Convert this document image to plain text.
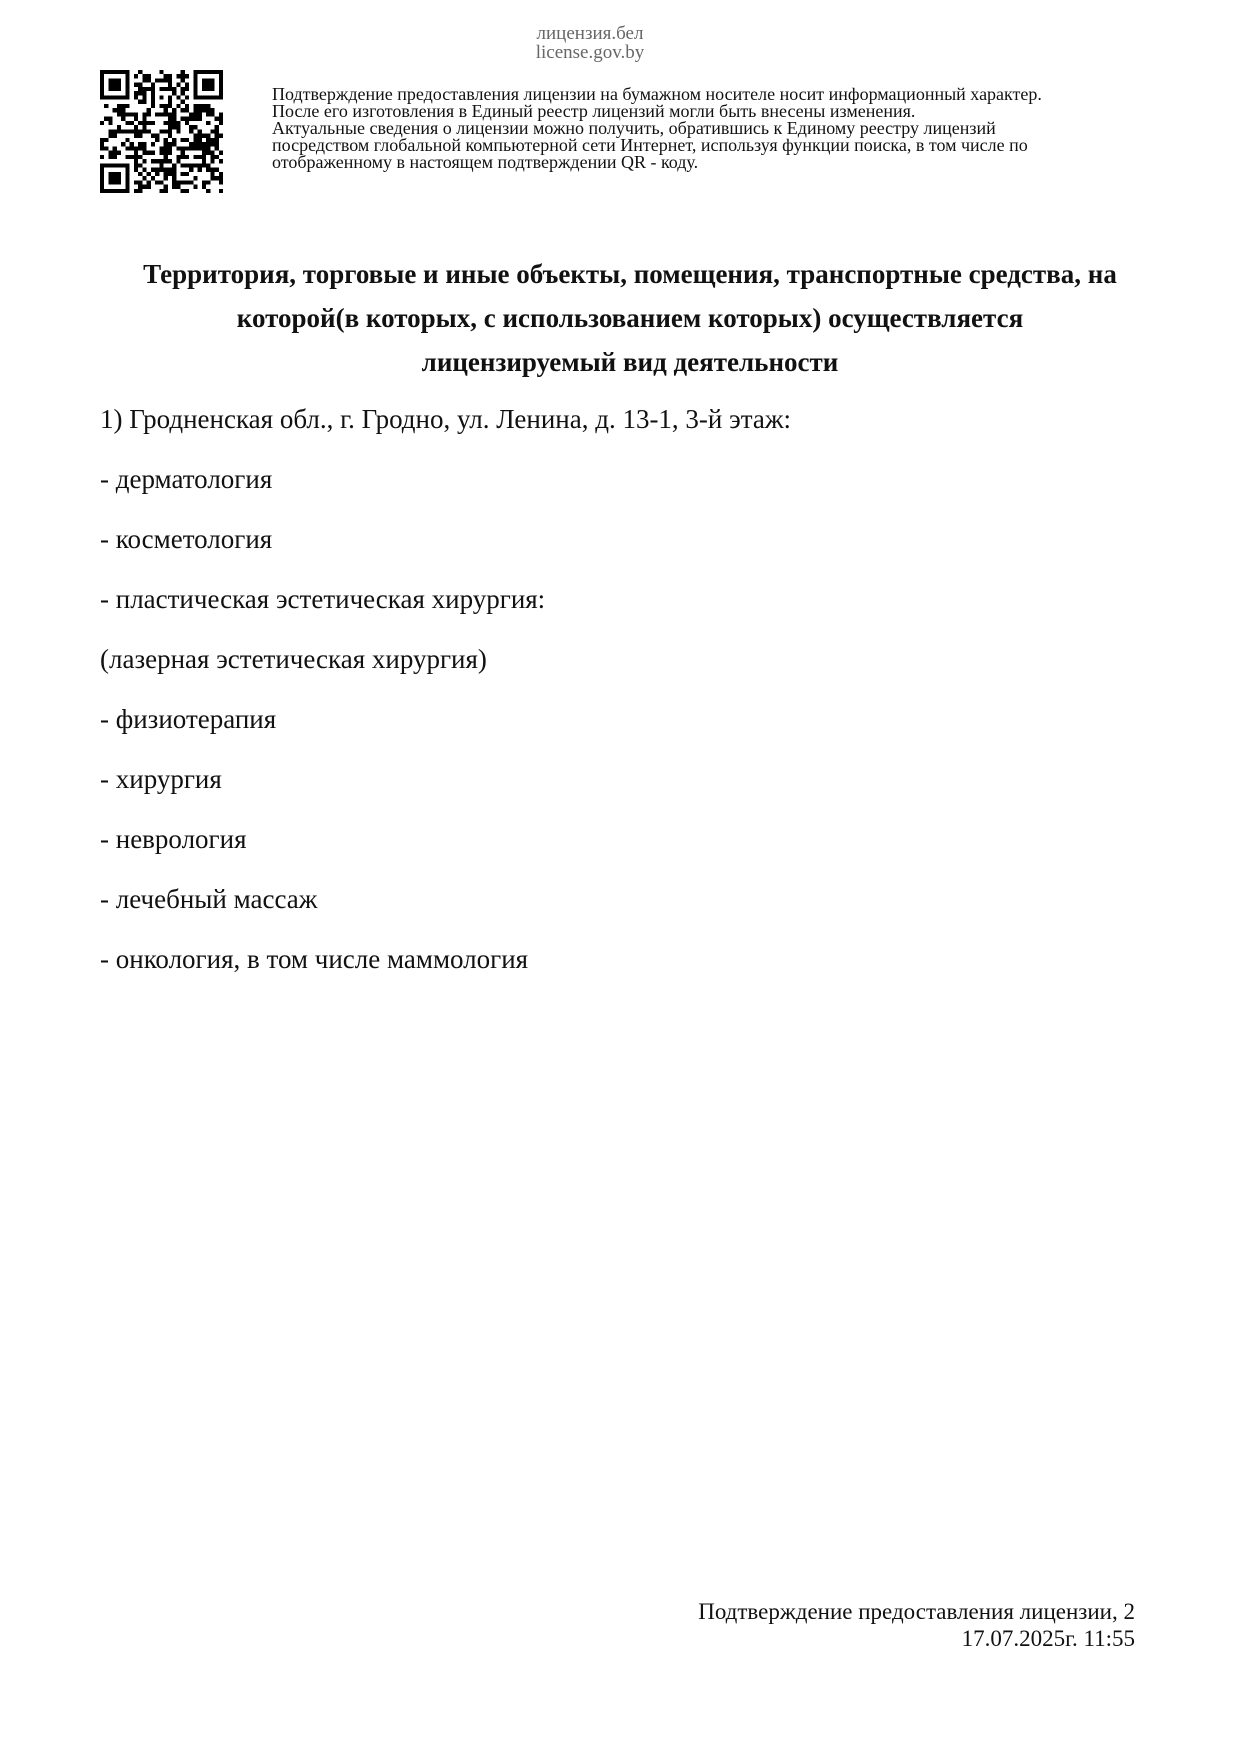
лицензия.бел
license.gov.by
Подтверждение предоставления лицензии на бумажном носителе носит информационный характер.
После его изготовления в Единый реестр лицензий могли быть внесены изменения.
Актуальные сведения о лицензии можно получить, обратившись к Единому реестру лицензий
посредством глобальной компьютерной сети Интернет, используя функции поиска, в том числе по
отображенному в настоящем подтверждении QR - коду.
Территория, торговые и иные объекты, помещения, транспортные средства, на
которой(в которых, с использованием которых) осуществляется
лицензируемый вид деятельности
1) Гродненская обл., г. Гродно, ул. Ленина, д. 13-1, 3-й этаж:
- дерматология
- косметология
- пластическая эстетическая хирургия:
(лазерная эстетическая хирургия)
- физиотерапия
- хирургия
- неврология
- лечебный массаж
- онкология, в том числе маммология
Подтверждение предоставления лицензии, 2
17.07.2025г. 11:55
